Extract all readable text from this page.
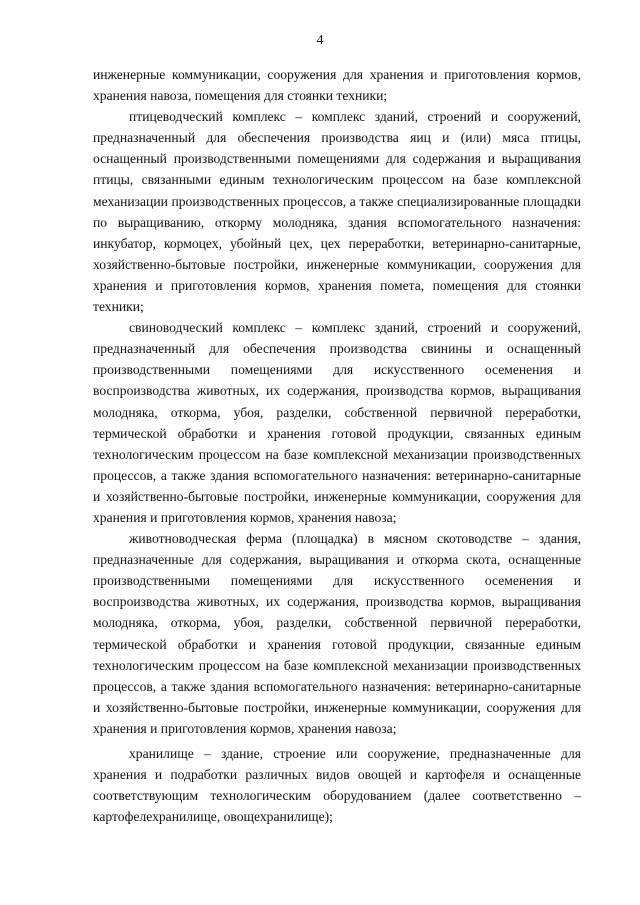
4

инженерные коммуникации, сооружения для хранения и приготовления кормов, хранения навоза, помещения для стоянки техники;

птицеводческий комплекс – комплекс зданий, строений и сооружений, предназначенный для обеспечения производства яиц и (или) мяса птицы, оснащенный производственными помещениями для содержания и выращивания птицы, связанными единым технологическим процессом на базе комплексной механизации производственных процессов, а также специализированные площадки по выращиванию, откорму молодняка, здания вспомогательного назначения: инкубатор, кормоцех, убойный цех, цех переработки, ветеринарно-санитарные, хозяйственно-бытовые постройки, инженерные коммуникации, сооружения для хранения и приготовления кормов, хранения помета, помещения для стоянки техники;

свиноводческий комплекс – комплекс зданий, строений и сооружений, предназначенный для обеспечения производства свинины и оснащенный производственными помещениями для искусственного осеменения и воспроизводства животных, их содержания, производства кормов, выращивания молодняка, откорма, убоя, разделки, собственной первичной переработки, термической обработки и хранения готовой продукции, связанных единым технологическим процессом на базе комплексной механизации производственных процессов, а также здания вспомогательного назначения: ветеринарно-санитарные и хозяйственно-бытовые постройки, инженерные коммуникации, сооружения для хранения и приготовления кормов, хранения навоза;

животноводческая ферма (площадка) в мясном скотоводстве – здания, предназначенные для содержания, выращивания и откорма скота, оснащенные производственными помещениями для искусственного осеменения и воспроизводства животных, их содержания, производства кормов, выращивания молодняка, откорма, убоя, разделки, собственной первичной переработки, термической обработки и хранения готовой продукции, связанные единым технологическим процессом на базе комплексной механизации производственных процессов, а также здания вспомогательного назначения: ветеринарно-санитарные и хозяйственно-бытовые постройки, инженерные коммуникации, сооружения для хранения и приготовления кормов, хранения навоза;

хранилище – здание, строение или сооружение, предназначенные для хранения и подработки различных видов овощей и картофеля и оснащенные соответствующим технологическим оборудованием (далее соответственно – картофелехранилище, овощехранилище);
